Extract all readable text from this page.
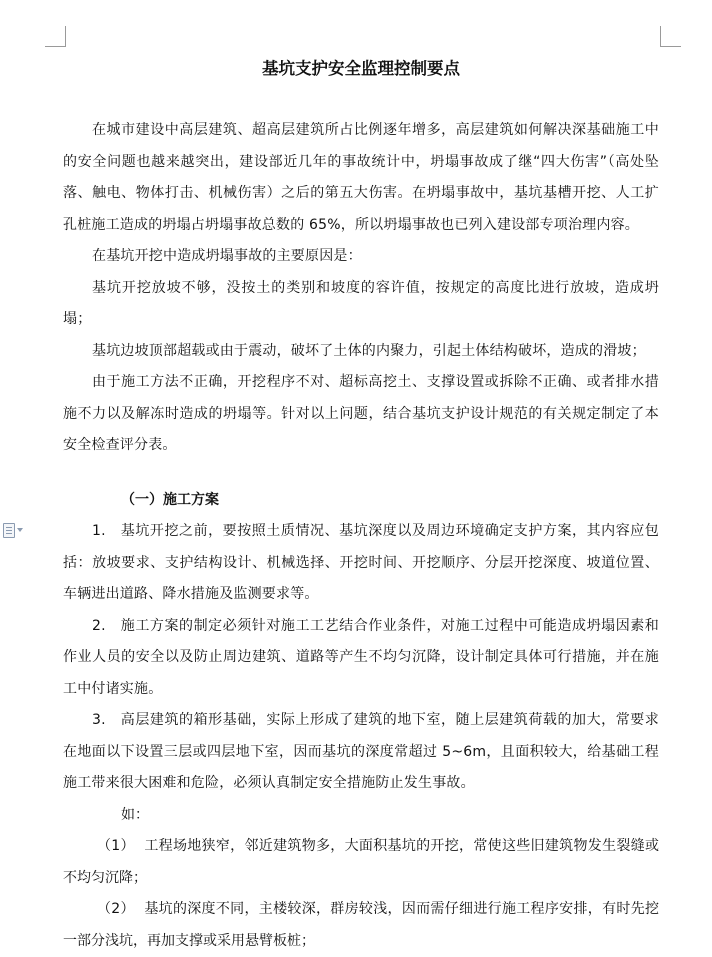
基坑支护安全监理控制要点

在城市建设中高层建筑、超高层建筑所占比例逐年增多，高层建筑如何解决深基础施工中的安全问题也越来越突出，建设部近几年的事故统计中，坍塌事故成了继“四大伤害”（高处坠落、触电、物体打击、机械伤害）之后的第五大伤害。在坍塌事故中，基坑基槽开挖、人工扩孔桩施工造成的坍塌占坍塌事故总数的 65%，所以坍塌事故也已列入建设部专项治理内容。

在基坑开挖中造成坍塌事故的主要原因是：

基坑开挖放坡不够，没按土的类别和坡度的容许值，按规定的高度比进行放坡，造成坍塌；

基坑边坡顶部超载或由于震动，破坏了土体的内聚力，引起土体结构破坏，造成的滑坡；

由于施工方法不正确，开挖程序不对、超标高挖土、支撑设置或拆除不正确、或者排水措施不力以及解冻时造成的坍塌等。针对以上问题，结合基坑支护设计规范的有关规定制定了本安全检查评分表。

（一）施工方案

1. 基坑开挖之前，要按照土质情况、基坑深度以及周边环境确定支护方案，其内容应包括：放坡要求、支护结构设计、机械选择、开挖时间、开挖顺序、分层开挖深度、坡道位置、车辆进出道路、降水措施及监测要求等。

2. 施工方案的制定必须针对施工工艺结合作业条件，对施工过程中可能造成坍塌因素和作业人员的安全以及防止周边建筑、道路等产生不均匀沉降，设计制定具体可行措施，并在施工中付诸实施。

3. 高层建筑的箱形基础，实际上形成了建筑的地下室，随上层建筑荷载的加大，常要求在地面以下设置三层或四层地下室，因而基坑的深度常超过 5~6m，且面积较大，给基础工程施工带来很大困难和危险，必须认真制定安全措施防止发生事故。

如：

（1） 工程场地狭窄，邻近建筑物多，大面积基坑的开挖，常使这些旧建筑物发生裂缝或不均匀沉降；

（2） 基坑的深度不同，主楼较深，群房较浅，因而需仔细进行施工程序安排，有时先挖一部分浅坑，再加支撑或采用悬臂板桩；
